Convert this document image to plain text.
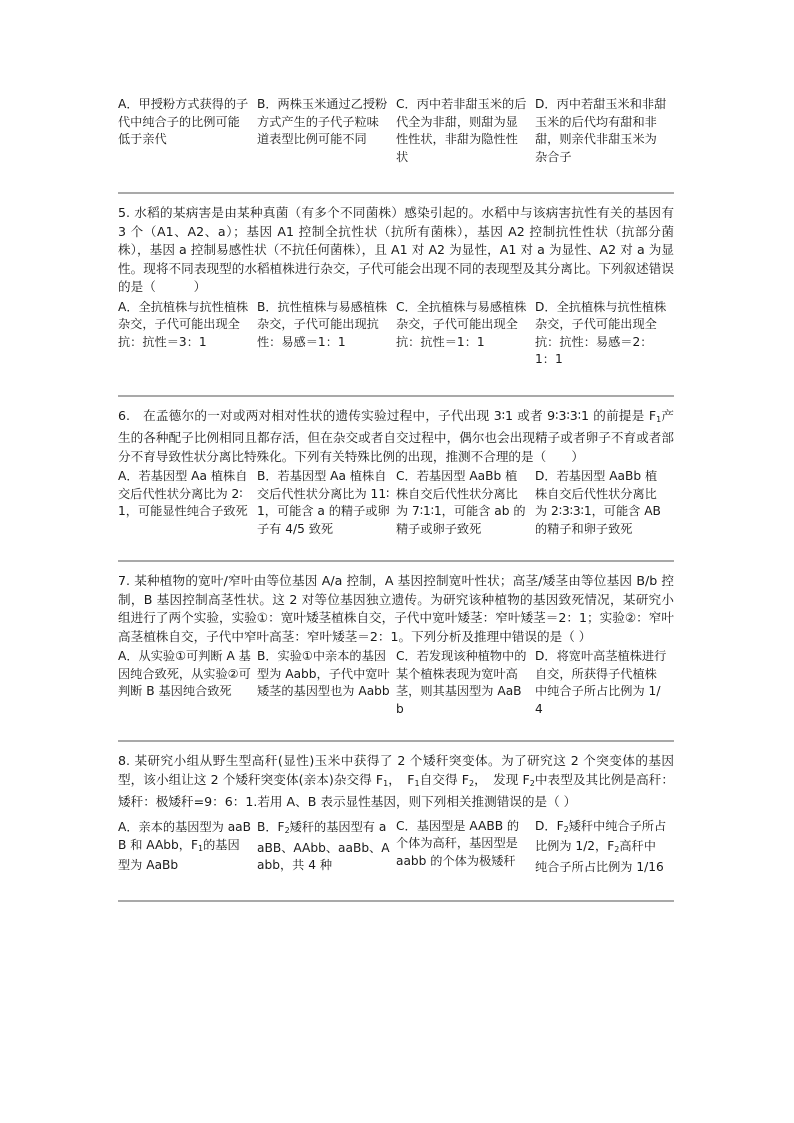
A．甲授粉方式获得的子代中纯合子的比例可能低于亲代
B．两株玉米通过乙授粉方式产生的子代子粒味道表型比例可能不同
C．丙中若非甜玉米的后代全为非甜，则甜为显性性状，非甜为隐性性状
D．丙中若甜玉米和非甜玉米的后代均有甜和非甜，则亲代非甜玉米为杂合子
5. 水稻的某病害是由某种真菌（有多个不同菌株）感染引起的。水稻中与该病害抗性有关的基因有 3 个（A1、A2、a）；基因 A1 控制全抗性状（抗所有菌株），基因 A2 控制抗性性状（抗部分菌株），基因 a 控制易感性状（不抗任何菌株），且 A1 对 A2 为显性，A1 对 a 为显性、A2 对 a 为显性。现将不同表现型的水稻植株进行杂交，子代可能会出现不同的表现型及其分离比。下列叙述错误的是（　　　）
A．全抗植株与抗性植株杂交，子代可能出现全抗：抗性＝3：1
B．抗性植株与易感植株杂交，子代可能出现抗性：易感＝1：1
C．全抗植株与易感植株杂交，子代可能出现全抗：抗性＝1：1
D．全抗植株与抗性植株杂交，子代可能出现全抗：抗性：易感＝2：1：1
6.　在孟德尔的一对或两对相对性状的遗传实验过程中，子代出现 3∶1 或者 9∶3∶3∶1 的前提是 $F_1$产生的各种配子比例相同且都存活，但在杂交或者自交过程中，偶尔也会出现精子或者卵子不育或者部分不育导致性状分离比特殊化。下列有关特殊比例的出现，推测不合理的是（　　）
A．若基因型 Aa 植株自交后代性状分离比为 2∶1，可能显性纯合子致死
B．若基因型 Aa 植株自交后代性状分离比为 11∶1，可能含 a 的精子或卵子有 4/5 致死
C．若基因型 AaBb 植株自交后代性状分离比为 7∶1∶1，可能含 ab 的精子或卵子致死
D．若基因型 AaBb 植株自交后代性状分离比为 2∶3∶3∶1，可能含 AB 的精子和卵子致死
7. 某种植物的宽叶/窄叶由等位基因 A/a 控制，A 基因控制宽叶性状；高茎/矮茎由等位基因 B/b 控制，B 基因控制高茎性状。这 2 对等位基因独立遗传。为研究该种植物的基因致死情况，某研究小组进行了两个实验，实验①：宽叶矮茎植株自交，子代中宽叶矮茎：窄叶矮茎＝2：1；实验②：窄叶高茎植株自交，子代中窄叶高茎：窄叶矮茎＝2：1。下列分析及推理中错误的是（ ）
A．从实验①可判断 A 基因纯合致死，从实验②可判断 B 基因纯合致死
B．实验①中亲本的基因型为 Aabb，子代中宽叶矮茎的基因型也为 Aabb
C．若发现该种植物中的某个植株表现为宽叶高茎，则其基因型为 AaBb
D．将宽叶高茎植株进行自交，所获得子代植株中纯合子所占比例为 1/4
8. 某研究小组从野生型高秆(显性)玉米中获得了 2 个矮秆突变体。为了研究这 2 个突变体的基因型，该小组让这 2 个矮秆突变体(亲本)杂交得 $F_1$，　$F_1$自交得 $F_2$，　发现 $F_2$中表型及其比例是高秆：矮秆：极矮秆=9：6：1.若用 A、B 表示显性基因，则下列相关推测错误的是（ ）
A．亲本的基因型为 aaBB 和 AAbb，$F_1$的基因型为 AaBb
B．$F_2$矮秆的基因型有 aaBB、AAbb、aaBb、Aabb，共 4 种
C．基因型是 AABB 的个体为高秆，基因型是 aabb 的个体为极矮秆
D．$F_2$矮秆中纯合子所占比例为 1/2，$F_2$高秆中纯合子所占比例为 1/16
